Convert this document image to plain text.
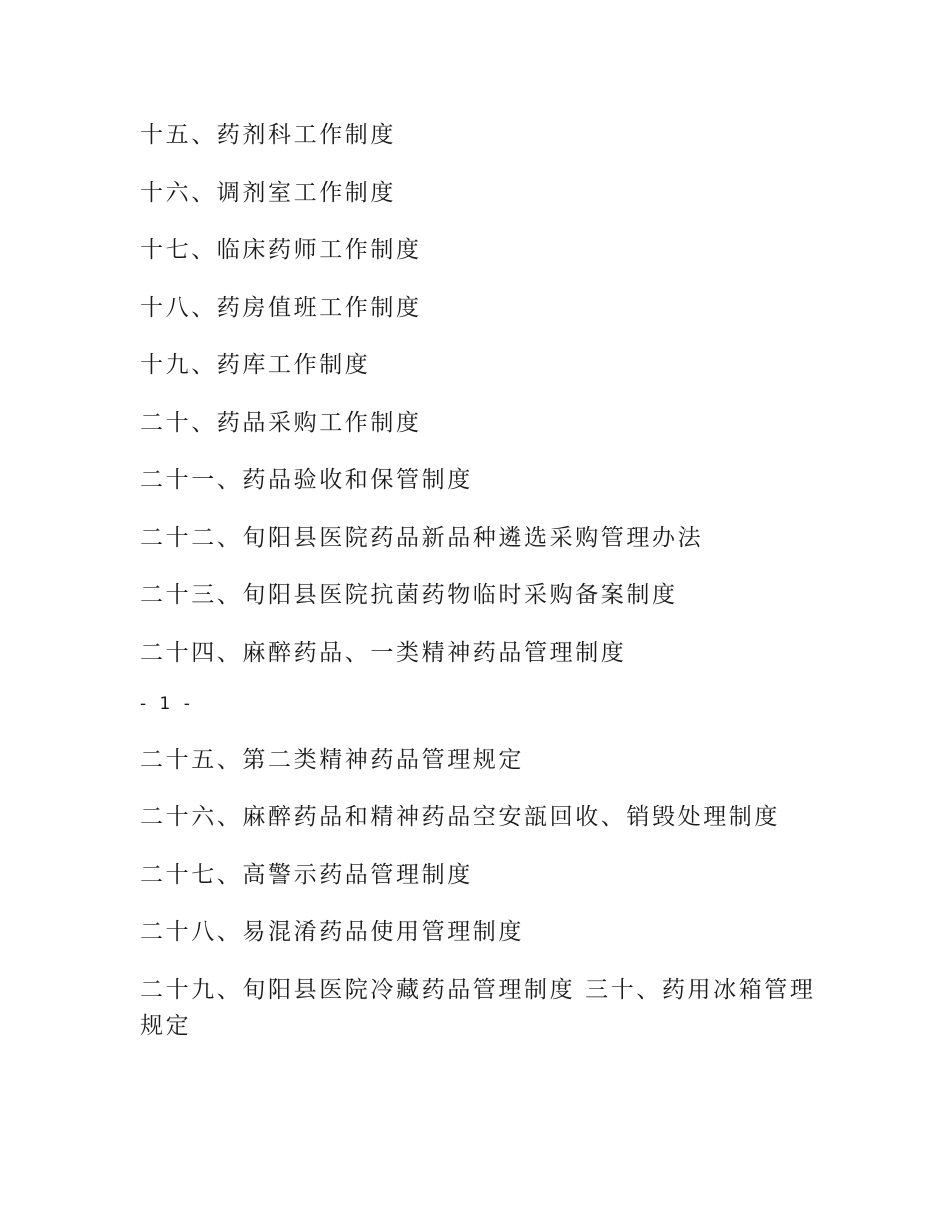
十五、药剂科工作制度
十六、调剂室工作制度
十七、临床药师工作制度
十八、药房值班工作制度
十九、药库工作制度
二十、药品采购工作制度
二十一、药品验收和保管制度
二十二、旬阳县医院药品新品种遴选采购管理办法
二十三、旬阳县医院抗菌药物临时采购备案制度
二十四、麻醉药品、一类精神药品管理制度
- 1 -
二十五、第二类精神药品管理规定
二十六、麻醉药品和精神药品空安瓿回收、销毁处理制度
二十七、高警示药品管理制度
二十八、易混淆药品使用管理制度
二十九、旬阳县医院冷藏药品管理制度 三十、药用冰箱管理规定
